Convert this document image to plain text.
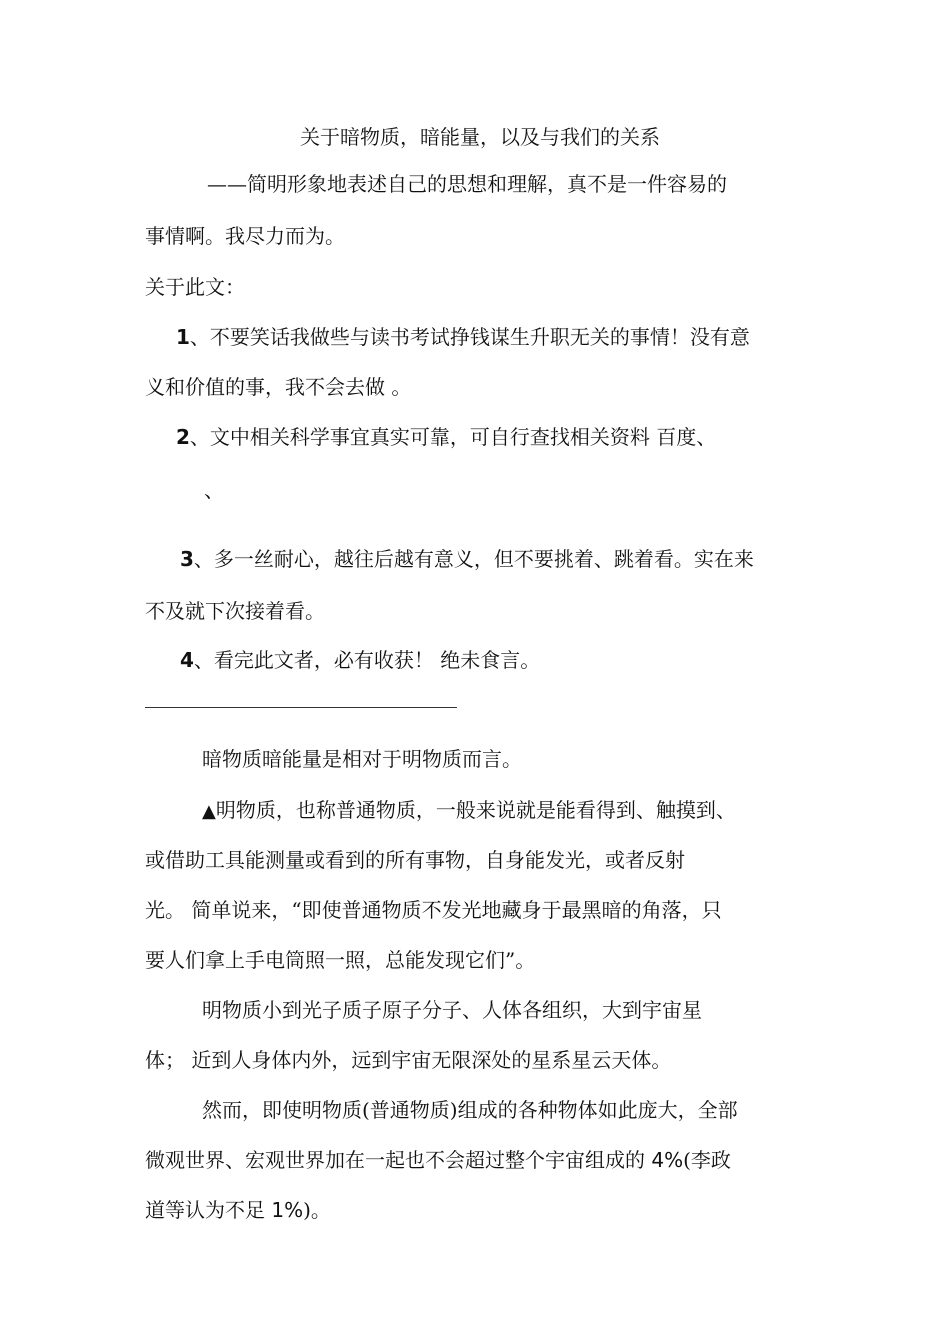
关于暗物质，暗能量，以及与我们的关系
——简明形象地表述自己的思想和理解，真不是一件容易的
事情啊。我尽力而为。
关于此文：
1、不要笑话我做些与读书考试挣钱谋生升职无关的事情！没有意
义和价值的事，我不会去做 。
2、文中相关科学事宜真实可靠，可自行查找相关资料 百度、
、
3、多一丝耐心，越往后越有意义，但不要挑着、跳着看。实在来
不及就下次接着看。
4、看完此文者，必有收获！ 绝未食言。
暗物质暗能量是相对于明物质而言。
▲明物质，也称普通物质，一般来说就是能看得到、触摸到、
或借助工具能测量或看到的所有事物，自身能发光，或者反射
光。 简单说来，“即使普通物质不发光地藏身于最黑暗的角落，只
要人们拿上手电筒照一照，总能发现它们”。
明物质小到光子质子原子分子、人体各组织，大到宇宙星
体； 近到人身体内外，远到宇宙无限深处的星系星云天体。
然而，即使明物质(普通物质)组成的各种物体如此庞大，全部
微观世界、宏观世界加在一起也不会超过整个宇宙组成的 4%(李政
道等认为不足 1%)。
